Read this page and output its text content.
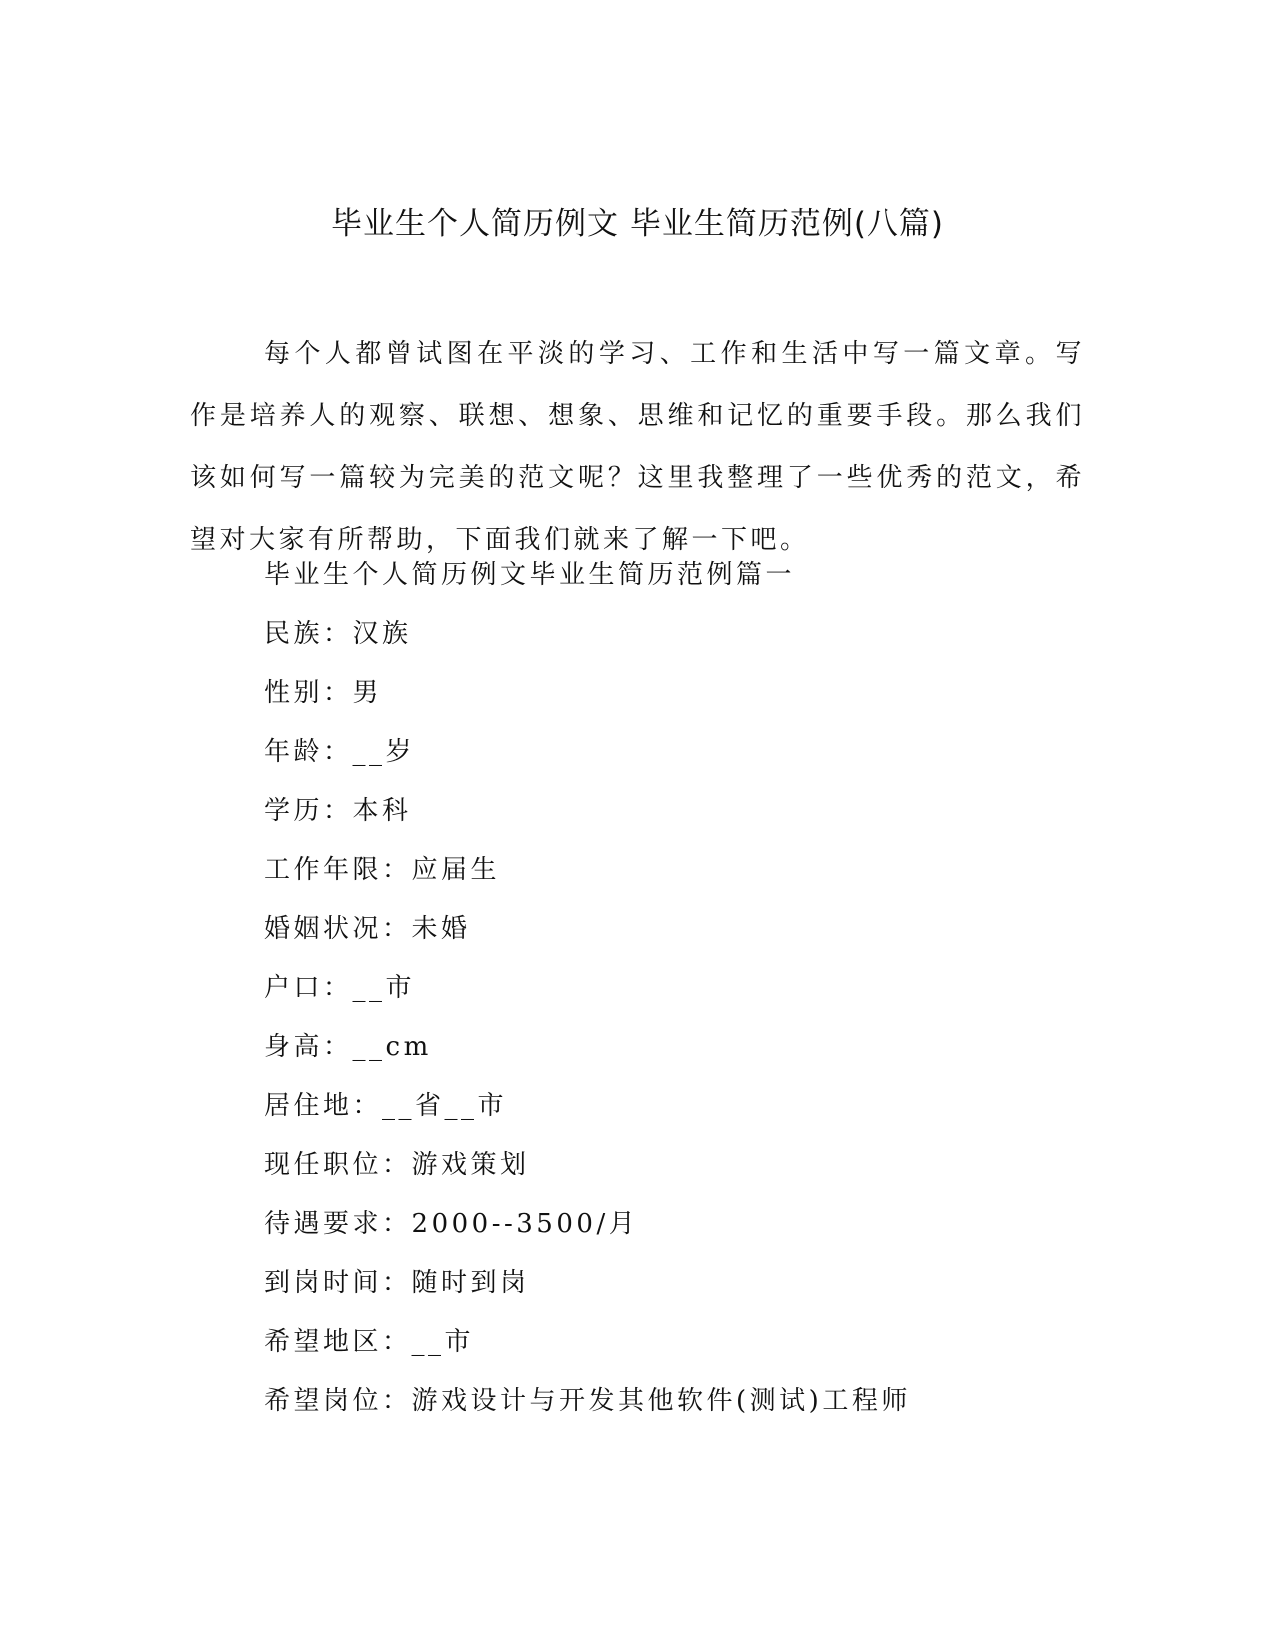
毕业生个人简历例文 毕业生简历范例(八篇)

每个人都曾试图在平淡的学习、工作和生活中写一篇文章。写作是培养人的观察、联想、想象、思维和记忆的重要手段。那么我们该如何写一篇较为完美的范文呢？这里我整理了一些优秀的范文，希望对大家有所帮助，下面我们就来了解一下吧。

毕业生个人简历例文毕业生简历范例篇一

民族：汉族

性别：男

年龄：__岁

学历：本科

工作年限：应届生

婚姻状况：未婚

户口：__市

身高：__cm

居住地：__省__市

现任职位：游戏策划

待遇要求：2000--3500/月

到岗时间：随时到岗

希望地区：__市

希望岗位：游戏设计与开发其他软件(测试)工程师
